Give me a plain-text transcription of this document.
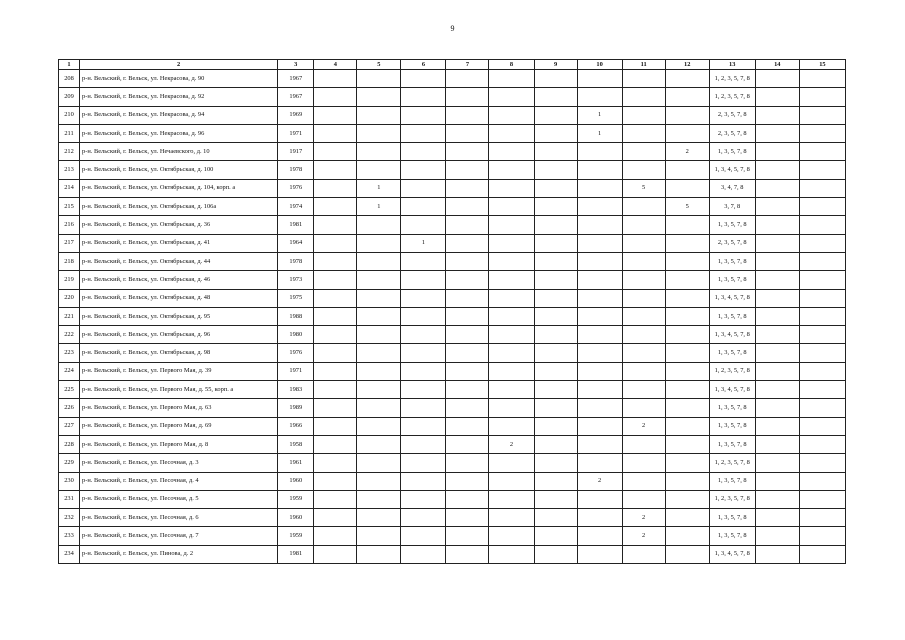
9
1	2	3	4	5	6	7	8	9	10	11	12	13	14	15
208	р-н. Вельский, г. Вельск, ул. Некрасова, д. 90	1967										1, 2, 3, 5, 7, 8		
209	р-н. Вельский, г. Вельск, ул. Некрасова, д. 92	1967										1, 2, 3, 5, 7, 8		
210	р-н. Вельский, г. Вельск, ул. Некрасова, д. 94	1969							1			2, 3, 5, 7, 8		
211	р-н. Вельский, г. Вельск, ул. Некрасова, д. 96	1971							1			2, 3, 5, 7, 8		
212	р-н. Вельский, г. Вельск, ул. Нечаевского, д. 10	1917									2	1, 3, 5, 7, 8		
213	р-н. Вельский, г. Вельск, ул. Октябрьская, д. 100	1978										1, 3, 4, 5, 7, 8		
214	р-н. Вельский, г. Вельск, ул. Октябрьская, д. 104, корп. а	1976		1						5		3, 4, 7, 8		
215	р-н. Вельский, г. Вельск, ул. Октябрьская, д. 106а	1974		1							5	3, 7, 8		
216	р-н. Вельский, г. Вельск, ул. Октябрьская, д. 36	1981										1, 3, 5, 7, 8		
217	р-н. Вельский, г. Вельск, ул. Октябрьская, д. 41	1964			1							2, 3, 5, 7, 8		
218	р-н. Вельский, г. Вельск, ул. Октябрьская, д. 44	1978										1, 3, 5, 7, 8		
219	р-н. Вельский, г. Вельск, ул. Октябрьская, д. 46	1973										1, 3, 5, 7, 8		
220	р-н. Вельский, г. Вельск, ул. Октябрьская, д. 48	1975										1, 3, 4, 5, 7, 8		
221	р-н. Вельский, г. Вельск, ул. Октябрьская, д. 95	1988										1, 3, 5, 7, 8		
222	р-н. Вельский, г. Вельск, ул. Октябрьская, д. 96	1980										1, 3, 4, 5, 7, 8		
223	р-н. Вельский, г. Вельск, ул. Октябрьская, д. 98	1976										1, 3, 5, 7, 8		
224	р-н. Вельский, г. Вельск, ул. Первого Мая, д. 39	1971										1, 2, 3, 5, 7, 8		
225	р-н. Вельский, г. Вельск, ул. Первого Мая, д. 55, корп. а	1983										1, 3, 4, 5, 7, 8		
226	р-н. Вельский, г. Вельск, ул. Первого Мая, д. 63	1989										1, 3, 5, 7, 8		
227	р-н. Вельский, г. Вельск, ул. Первого Мая, д. 69	1966								2		1, 3, 5, 7, 8		
228	р-н. Вельский, г. Вельск, ул. Первого Мая, д. 8	1958					2					1, 3, 5, 7, 8		
229	р-н. Вельский, г. Вельск, ул. Песочная, д. 3	1961										1, 2, 3, 5, 7, 8		
230	р-н. Вельский, г. Вельск, ул. Песочная, д. 4	1960							2			1, 3, 5, 7, 8		
231	р-н. Вельский, г. Вельск, ул. Песочная, д. 5	1959										1, 2, 3, 5, 7, 8		
232	р-н. Вельский, г. Вельск, ул. Песочная, д. 6	1960								2		1, 3, 5, 7, 8		
233	р-н. Вельский, г. Вельск, ул. Песочная, д. 7	1959								2		1, 3, 5, 7, 8		
234	р-н. Вельский, г. Вельск, ул. Пинова, д. 2	1981										1, 3, 4, 5, 7, 8		
